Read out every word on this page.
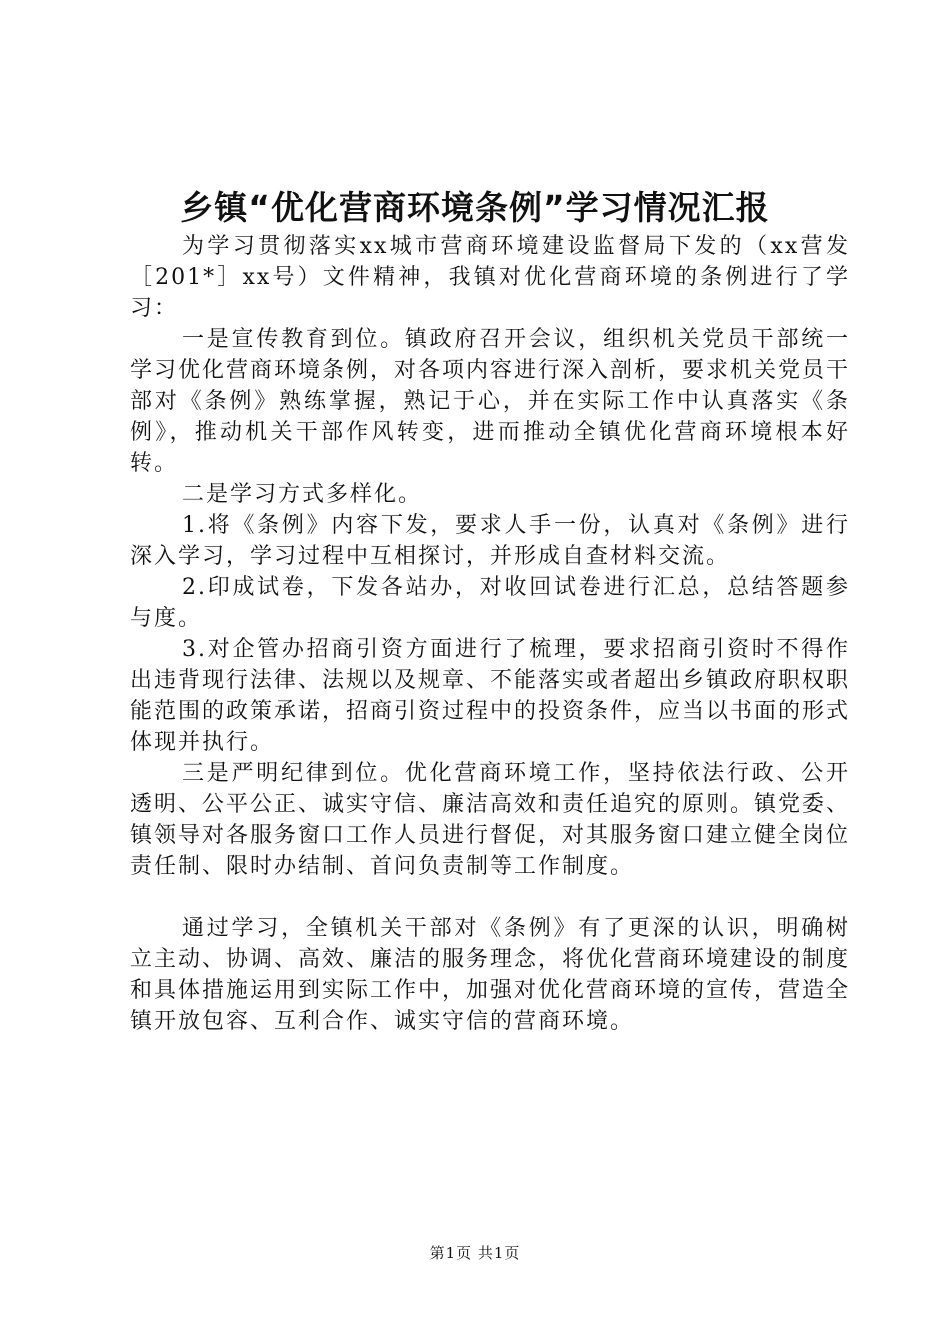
乡镇“优化营商环境条例”学习情况汇报

为学习贯彻落实xx城市营商环境建设监督局下发的（xx营发［201*］xx号）文件精神，我镇对优化营商环境的条例进行了学习：

一是宣传教育到位。镇政府召开会议，组织机关党员干部统一学习优化营商环境条例，对各项内容进行深入剖析，要求机关党员干部对《条例》熟练掌握，熟记于心，并在实际工作中认真落实《条例》，推动机关干部作风转变，进而推动全镇优化营商环境根本好转。

二是学习方式多样化。

1.将《条例》内容下发，要求人手一份，认真对《条例》进行深入学习，学习过程中互相探讨，并形成自查材料交流。

2.印成试卷，下发各站办，对收回试卷进行汇总，总结答题参与度。

3.对企管办招商引资方面进行了梳理，要求招商引资时不得作出违背现行法律、法规以及规章、不能落实或者超出乡镇政府职权职能范围的政策承诺，招商引资过程中的投资条件，应当以书面的形式体现并执行。

三是严明纪律到位。优化营商环境工作，坚持依法行政、公开透明、公平公正、诚实守信、廉洁高效和责任追究的原则。镇党委、镇领导对各服务窗口工作人员进行督促，对其服务窗口建立健全岗位责任制、限时办结制、首问负责制等工作制度。

通过学习，全镇机关干部对《条例》有了更深的认识，明确树立主动、协调、高效、廉洁的服务理念，将优化营商环境建设的制度和具体措施运用到实际工作中，加强对优化营商环境的宣传，营造全镇开放包容、互利合作、诚实守信的营商环境。

第1页 共1页
